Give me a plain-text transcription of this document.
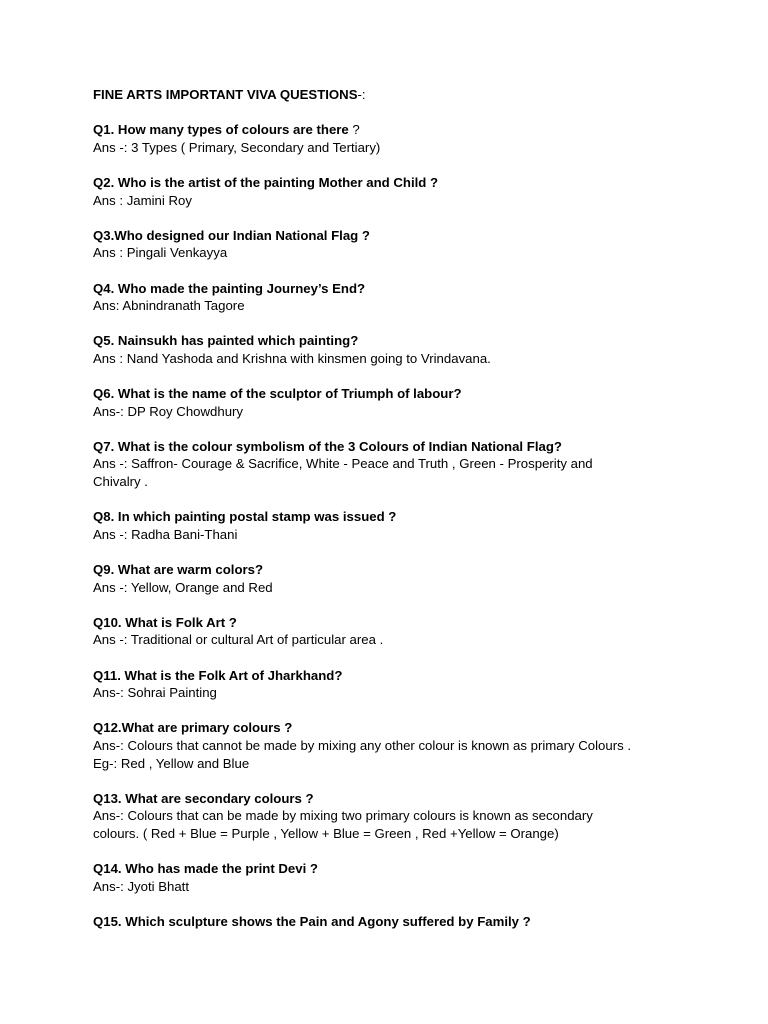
FINE ARTS IMPORTANT VIVA QUESTIONS-:
Q1. How many types of colours are there ?
Ans -: 3 Types ( Primary, Secondary and Tertiary)
Q2. Who is the artist of the painting Mother and Child ?
Ans : Jamini Roy
Q3.Who designed our Indian National Flag ?
Ans : Pingali Venkayya
Q4. Who made the painting Journey’s End?
Ans: Abnindranath Tagore
Q5. Nainsukh has painted which painting?
Ans : Nand Yashoda and Krishna with kinsmen going to Vrindavana.
Q6. What is the name of the sculptor of Triumph of labour?
Ans-: DP Roy Chowdhury
Q7. What is the colour symbolism of the 3 Colours of Indian National Flag?
Ans -: Saffron- Courage & Sacrifice, White - Peace and Truth , Green - Prosperity and
Chivalry .
Q8. In which painting postal stamp was issued ?
Ans -: Radha Bani-Thani
Q9. What are warm colors?
Ans -: Yellow, Orange and Red
Q10. What is Folk Art ?
Ans -: Traditional or cultural Art of particular area .
Q11. What is the Folk Art of Jharkhand?
Ans-: Sohrai Painting
Q12.What are primary colours ?
Ans-: Colours that cannot be made by mixing any other colour is known as primary Colours .
Eg-: Red , Yellow and Blue
Q13. What are secondary colours ?
Ans-: Colours that can be made by mixing two primary colours is known as secondary
colours. ( Red + Blue = Purple , Yellow + Blue = Green , Red +Yellow = Orange)
Q14. Who has made the print Devi ?
Ans-: Jyoti Bhatt
Q15. Which sculpture shows the Pain and Agony suffered by Family ?
